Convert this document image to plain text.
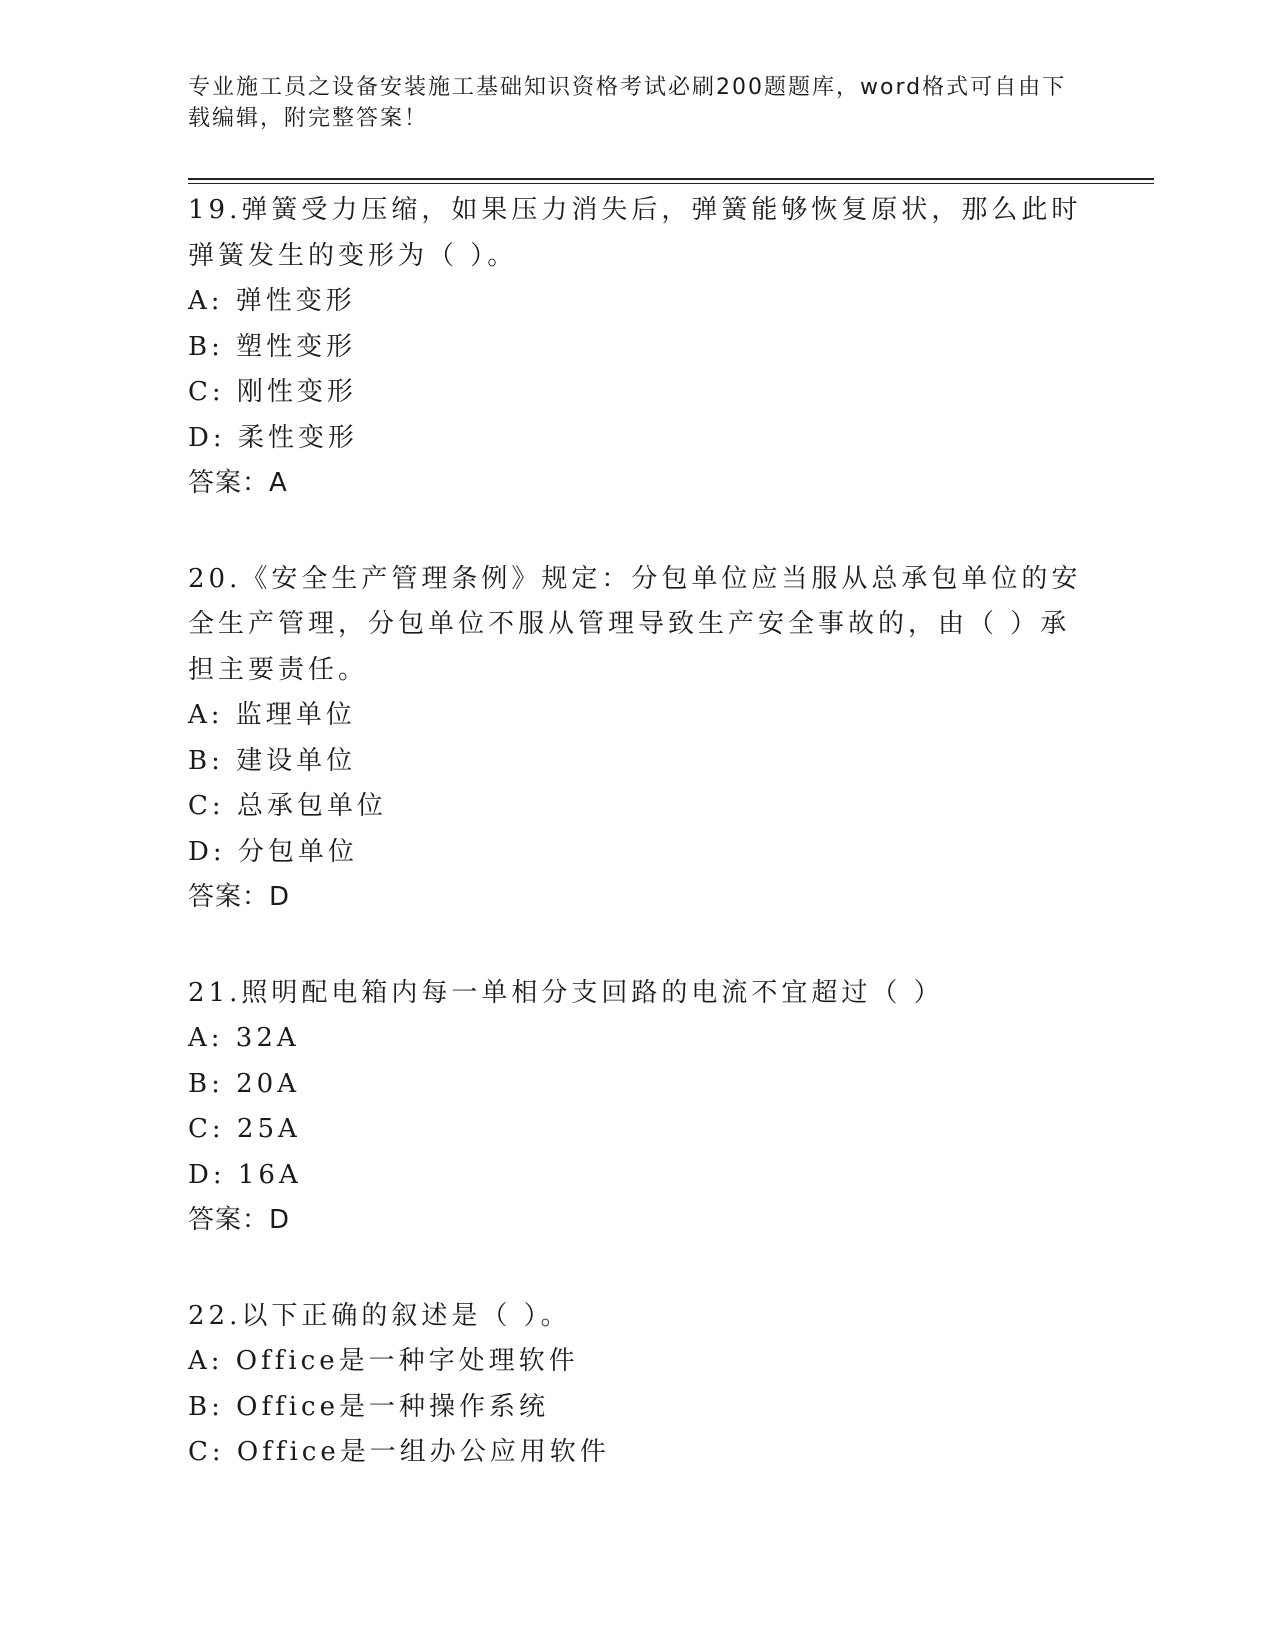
专业施工员之设备安装施工基础知识资格考试必刷200题题库，word格式可自由下载编辑，附完整答案！
19.弹簧受力压缩，如果压力消失后，弹簧能够恢复原状，那么此时弹簧发生的变形为（ ）。
A: 弹性变形
B: 塑性变形
C: 刚性变形
D: 柔性变形
答案：A
20.《安全生产管理条例》规定：分包单位应当服从总承包单位的安全生产管理，分包单位不服从管理导致生产安全事故的，由（ ）承担主要责任。
A: 监理单位
B: 建设单位
C: 总承包单位
D: 分包单位
答案：D
21.照明配电箱内每一单相分支回路的电流不宜超过（ ）
A: 32A
B: 20A
C: 25A
D: 16A
答案：D
22.以下正确的叙述是（ ）。
A: Office是一种字处理软件
B: Office是一种操作系统
C: Office是一组办公应用软件
